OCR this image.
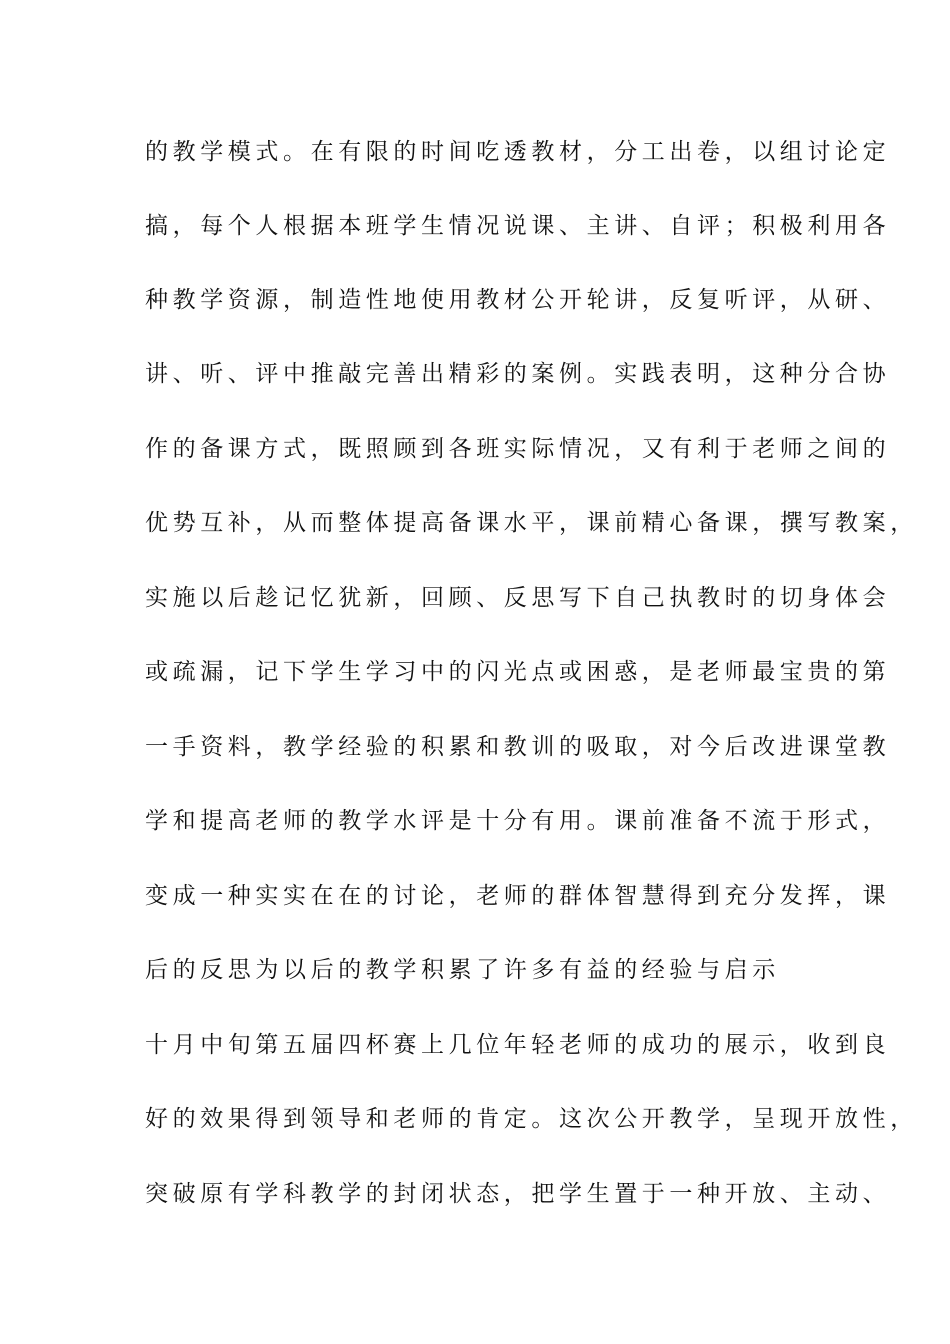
的教学模式。在有限的时间吃透教材，分工出卷，以组讨论定
搞，每个人根据本班学生情况说课、主讲、自评；积极利用各
种教学资源，制造性地使用教材公开轮讲，反复听评，从研、
讲、听、评中推敲完善出精彩的案例。实践表明，这种分合协
作的备课方式，既照顾到各班实际情况，又有利于老师之间的
优势互补，从而整体提高备课水平，课前精心备课，撰写教案，
实施以后趁记忆犹新，回顾、反思写下自己执教时的切身体会
或疏漏，记下学生学习中的闪光点或困惑，是老师最宝贵的第
一手资料，教学经验的积累和教训的吸取，对今后改进课堂教
学和提高老师的教学水评是十分有用。课前准备不流于形式，
变成一种实实在在的讨论，老师的群体智慧得到充分发挥，课
后的反思为以后的教学积累了许多有益的经验与启示
十月中旬第五届四杯赛上几位年轻老师的成功的展示，收到良
好的效果得到领导和老师的肯定。这次公开教学，呈现开放性，
突破原有学科教学的封闭状态，把学生置于一种开放、主动、
